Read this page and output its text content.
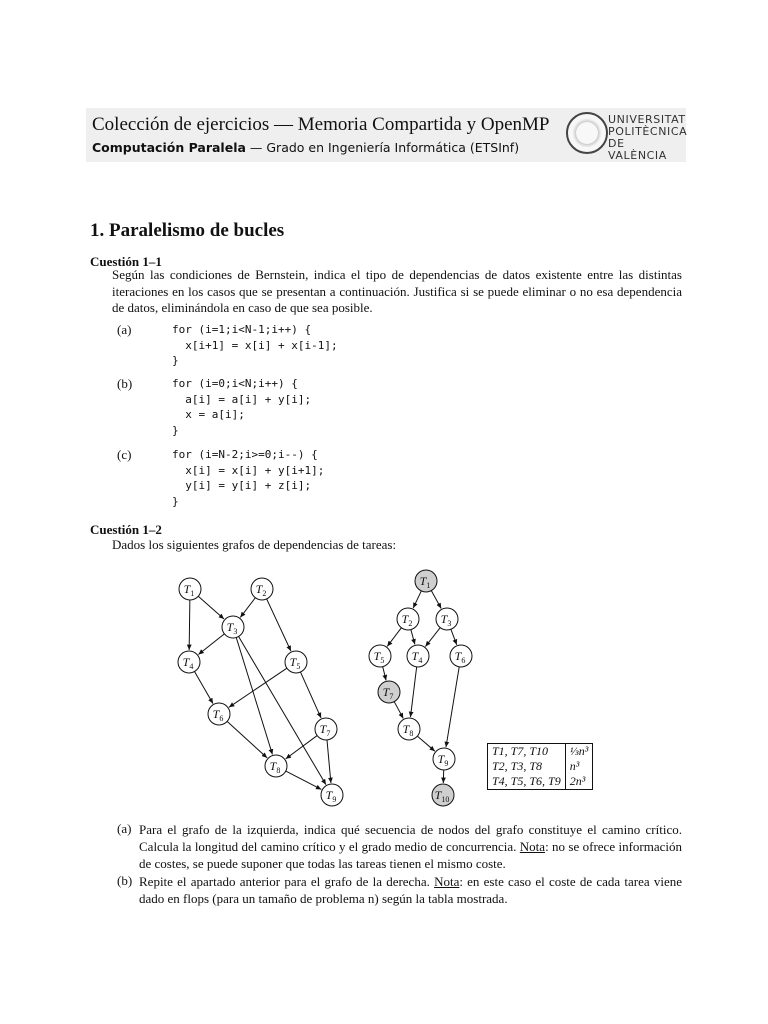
Colección de ejercicios — Memoria Compartida y OpenMP
Computación Paralela — Grado en Ingeniería Informática (ETSInf)
UNIVERSITAT
POLITÈCNICA
DE VALÈNCIA
1. Paralelismo de bucles
Cuestión 1–1
Según las condiciones de Bernstein, indica el tipo de dependencias de datos existente entre las distintas iteraciones en los casos que se presentan a continuación. Justifica si se puede eliminar o no esa dependencia de datos, eliminándola en caso de que sea posible.
(a)	for (i=1;i<N-1;i++) {
x[i+1] = x[i] + x[i-1];
}
(b)	for (i=0;i<N;i++) {
a[i] = a[i] + y[i];
x = a[i];
}
(c)	for (i=N-2;i>=0;i--) {
x[i] = x[i] + y[i+1];
y[i] = y[i] + z[i];
}
Cuestión 1–2
Dados los siguientes grafos de dependencias de tareas:
$T_1$	$T_2$
$T_3$
$T_4$	$T_5$
$T_6$
$T_7$
$T_8$
$T_9$
$T_1$
$T_2$ $T_3$
$T_4$
$T_5$	$T_6$
$T_7$
$T_8$
$T_9$
$T_{10}$
T1, T7, T10	⅓n³
T2, T3, T8	n³
T4, T5, T6, T9	2n³
(a) Para el grafo de la izquierda, indica qué secuencia de nodos del grafo constituye el camino crítico. Calcula la longitud del camino crítico y el grado medio de concurrencia. Nota: no se ofrece información de costes, se puede suponer que todas las tareas tienen el mismo coste.
(b) Repite el apartado anterior para el grafo de la derecha. Nota: en este caso el coste de cada tarea viene dado en flops (para un tamaño de problema n) según la tabla mostrada.
